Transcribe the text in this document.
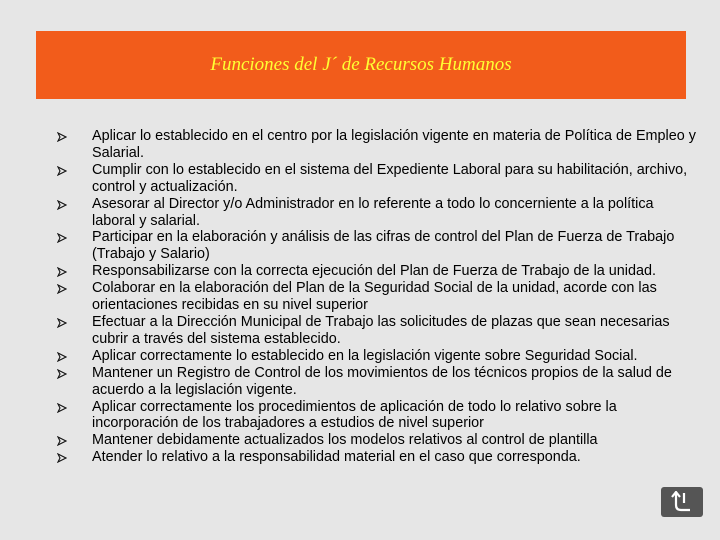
Funciones del J´ de Recursos Humanos
Aplicar lo establecido en el centro por la legislación vigente en materia de Política de Empleo y Salarial.
Cumplir con lo establecido en el sistema del Expediente Laboral para su habilitación, archivo, control y actualización.
Asesorar al Director y/o Administrador en lo referente a todo lo concerniente a la política laboral y salarial.
Participar en la elaboración y análisis de las cifras de control del Plan de Fuerza de Trabajo (Trabajo y Salario)
Responsabilizarse con la correcta ejecución del Plan de Fuerza de Trabajo de la unidad.
Colaborar en la elaboración del Plan de la Seguridad Social de la unidad, acorde con las orientaciones recibidas en su nivel superior
Efectuar a la Dirección Municipal de Trabajo las solicitudes de plazas que sean necesarias cubrir a través del sistema establecido.
Aplicar correctamente lo establecido en la legislación vigente sobre Seguridad Social.
Mantener un Registro de Control de los movimientos de los técnicos propios de la salud de acuerdo a la legislación vigente.
Aplicar correctamente los procedimientos de aplicación de todo lo relativo sobre la incorporación de los trabajadores a estudios de nivel superior
Mantener debidamente actualizados los modelos relativos al control de plantilla
Atender lo relativo a la responsabilidad material en el caso que corresponda.
